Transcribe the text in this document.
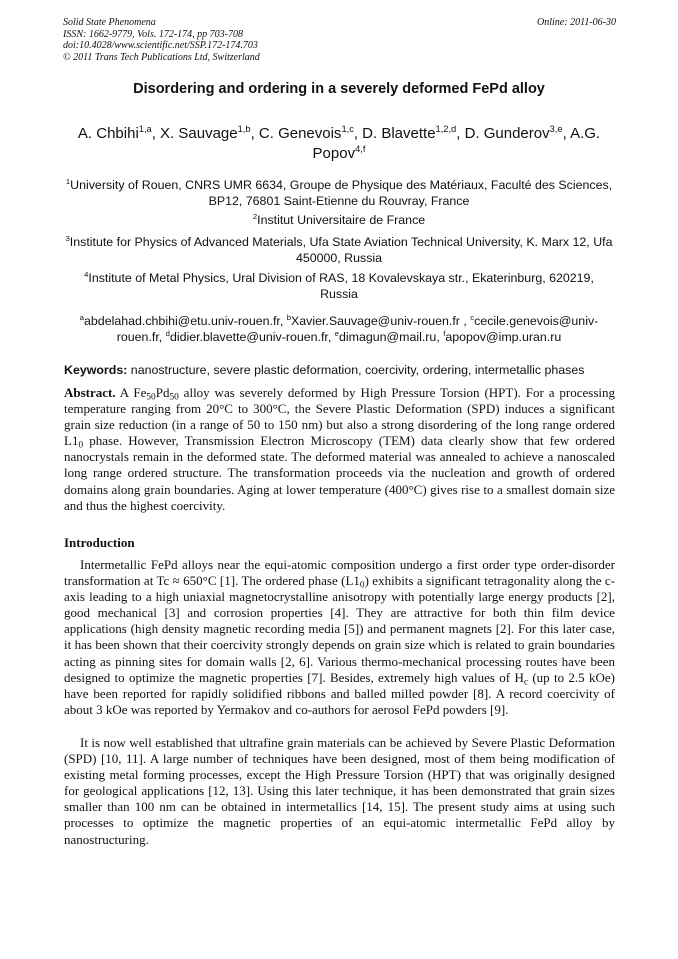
Solid State Phenomena
ISSN: 1662-9779, Vols. 172-174, pp 703-708
doi:10.4028/www.scientific.net/SSP.172-174.703
© 2011 Trans Tech Publications Ltd, Switzerland
Online: 2011-06-30
Disordering and ordering in a severely deformed FePd alloy
A. Chbihi$^{1,a}$, X. Sauvage$^{1,b}$, C. Genevois$^{1,c}$, D. Blavette$^{1,2,d}$, D. Gunderov$^{3,e}$, A.G. Popov$^{4,f}$
$^1$University of Rouen, CNRS UMR 6634, Groupe de Physique des Matériaux, Faculté des Sciences, BP12, 76801 Saint-Etienne du Rouvray, France
$^2$Institut Universitaire de France
$^3$Institute for Physics of Advanced Materials, Ufa State Aviation Technical University, K. Marx 12, Ufa 450000, Russia
$^4$Institute of Metal Physics, Ural Division of RAS, 18 Kovalevskaya str., Ekaterinburg, 620219, Russia
$^a$abdelahad.chbihi@etu.univ-rouen.fr, $^b$Xavier.Sauvage@univ-rouen.fr , $^c$cecile.genevois@univ-rouen.fr, $^d$didier.blavette@univ-rouen.fr, $^e$dimagun@mail.ru, $^f$apopov@imp.uran.ru
Keywords: nanostructure, severe plastic deformation, coercivity, ordering, intermetallic phases
Abstract. A $Fe_{50}Pd_{50}$ alloy was severely deformed by High Pressure Torsion (HPT). For a processing temperature ranging from 20°C to 300°C, the Severe Plastic Deformation (SPD) induces a significant grain size reduction (in a range of 50 to 150 nm) but also a strong disordering of the long range ordered $L1_0$ phase. However, Transmission Electron Microscopy (TEM) data clearly show that few ordered nanocrystals remain in the deformed state. The deformed material was annealed to achieve a nanoscaled long range ordered structure. The transformation proceeds via the nucleation and growth of ordered domains along grain boundaries. Aging at lower temperature (400°C) gives rise to a smallest domain size and thus the highest coercivity.
Introduction
Intermetallic FePd alloys near the equi-atomic composition undergo a first order type order-disorder transformation at Tc ≈ 650°C [1]. The ordered phase $(L1_0)$ exhibits a significant tetragonality along the c-axis leading to a high uniaxial magnetocrystalline anisotropy with potentially large energy products [2], good mechanical [3] and corrosion properties [4]. They are attractive for both thin film device applications (high density magnetic recording media [5]) and permanent magnets [2]. For this later case, it has been shown that their coercivity strongly depends on grain size which is related to grain boundaries acting as pinning sites for domain walls [2, 6]. Various thermo-mechanical processing routes have been designed to optimize the magnetic properties [7]. Besides, extremely high values of $H_c$ (up to 2.5 kOe) have been reported for rapidly solidified ribbons and balled milled powder [8]. A record coercivity of about 3 kOe was reported by Yermakov and co-authors for aerosol FePd powders [9].
It is now well established that ultrafine grain materials can be achieved by Severe Plastic Deformation (SPD) [10, 11]. A large number of techniques have been designed, most of them being modification of existing metal forming processes, except the High Pressure Torsion (HPT) that was originally designed for geological applications [12, 13]. Using this later technique, it has been demonstrated that grain sizes smaller than 100 nm can be obtained in intermetallics [14, 15]. The present study aims at using such processes to optimize the magnetic properties of an equi-atomic intermetallic FePd alloy by nanostructuring.
